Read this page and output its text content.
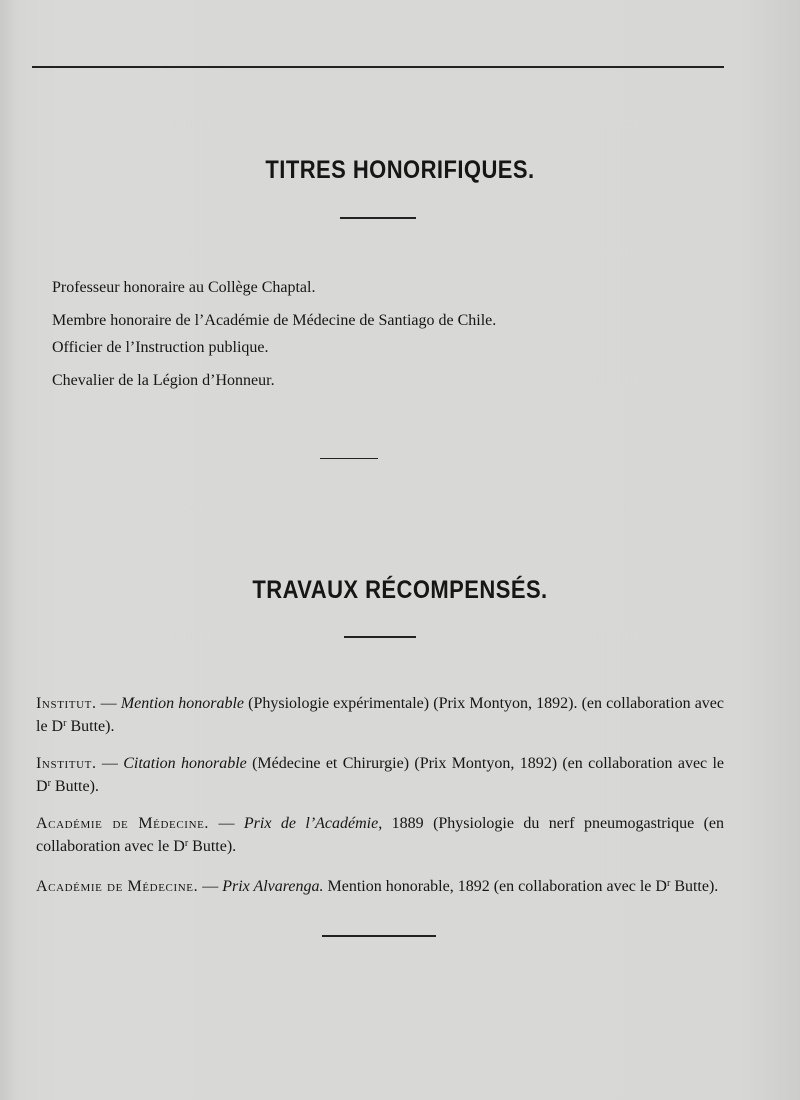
TITRES HONORIFIQUES.
Professeur honoraire au Collège Chaptal.
Membre honoraire de l’Académie de Médecine de Santiago de Chile.
Officier de l’Instruction publique.
Chevalier de la Légion d’Honneur.
TRAVAUX RÉCOMPENSÉS.

Institut. — Mention honorable (Physiologie expérimentale) (Prix Montyon, 1892). (en collaboration avec le $D^r$ Butte).

Institut. — Citation honorable (Médecine et Chirurgie) (Prix Montyon, 1892) (en collaboration avec le $D^r$ Butte).

Académie de Médecine. — Prix de l’Académie, 1889 (Physiologie du nerf pneumogastrique (en collaboration avec le $D^r$ Butte).

Académie de Médecine. — Prix Alvarenga. Mention honorable, 1892 (en collaboration avec le $D^r$ Butte).
